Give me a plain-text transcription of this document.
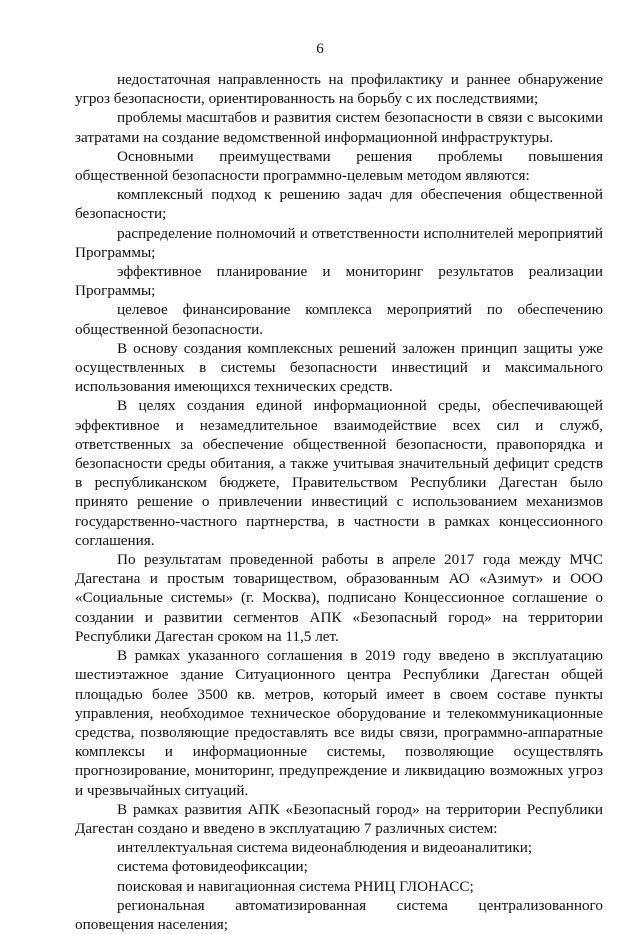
6

недостаточная направленность на профилактику и раннее обнаружение угроз безопасности, ориентированность на борьбу с их последствиями;

проблемы масштабов и развития систем безопасности в связи с высокими затратами на создание ведомственной информационной инфраструктуры.

Основными преимуществами решения проблемы повышения общественной безопасности программно-целевым методом являются:

комплексный подход к решению задач для обеспечения общественной безопасности;

распределение полномочий и ответственности исполнителей мероприятий Программы;

эффективное планирование и мониторинг результатов реализации Программы;

целевое финансирование комплекса мероприятий по обеспечению общественной безопасности.

В основу создания комплексных решений заложен принцип защиты уже осуществленных в системы безопасности инвестиций и максимального использования имеющихся технических средств.

В целях создания единой информационной среды, обеспечивающей эффективное и незамедлительное взаимодействие всех сил и служб, ответственных за обеспечение общественной безопасности, правопорядка и безопасности среды обитания, а также учитывая значительный дефицит средств в республиканском бюджете, Правительством Республики Дагестан было принято решение о привлечении инвестиций с использованием механизмов государственно-частного партнерства, в частности в рамках концессионного соглашения.

По результатам проведенной работы в апреле 2017 года между МЧС Дагестана и простым товариществом, образованным АО «Азимут» и ООО «Социальные системы» (г. Москва), подписано Концессионное соглашение о создании и развитии сегментов АПК «Безопасный город» на территории Республики Дагестан сроком на 11,5 лет.

В рамках указанного соглашения в 2019 году введено в эксплуатацию шестиэтажное здание Ситуационного центра Республики Дагестан общей площадью более 3500 кв. метров, который имеет в своем составе пункты управления, необходимое техническое оборудование и телекоммуникационные средства, позволяющие предоставлять все виды связи, программно-аппаратные комплексы и информационные системы, позволяющие осуществлять прогнозирование, мониторинг, предупреждение и ликвидацию возможных угроз и чрезвычайных ситуаций.

В рамках развития АПК «Безопасный город» на территории Республики Дагестан создано и введено в эксплуатацию 7 различных систем:

интеллектуальная система видеонаблюдения и видеоаналитики;

система фотовидеофиксации;

поисковая и навигационная система РНИЦ ГЛОНАСС;

региональная автоматизированная система централизованного оповещения населения;
